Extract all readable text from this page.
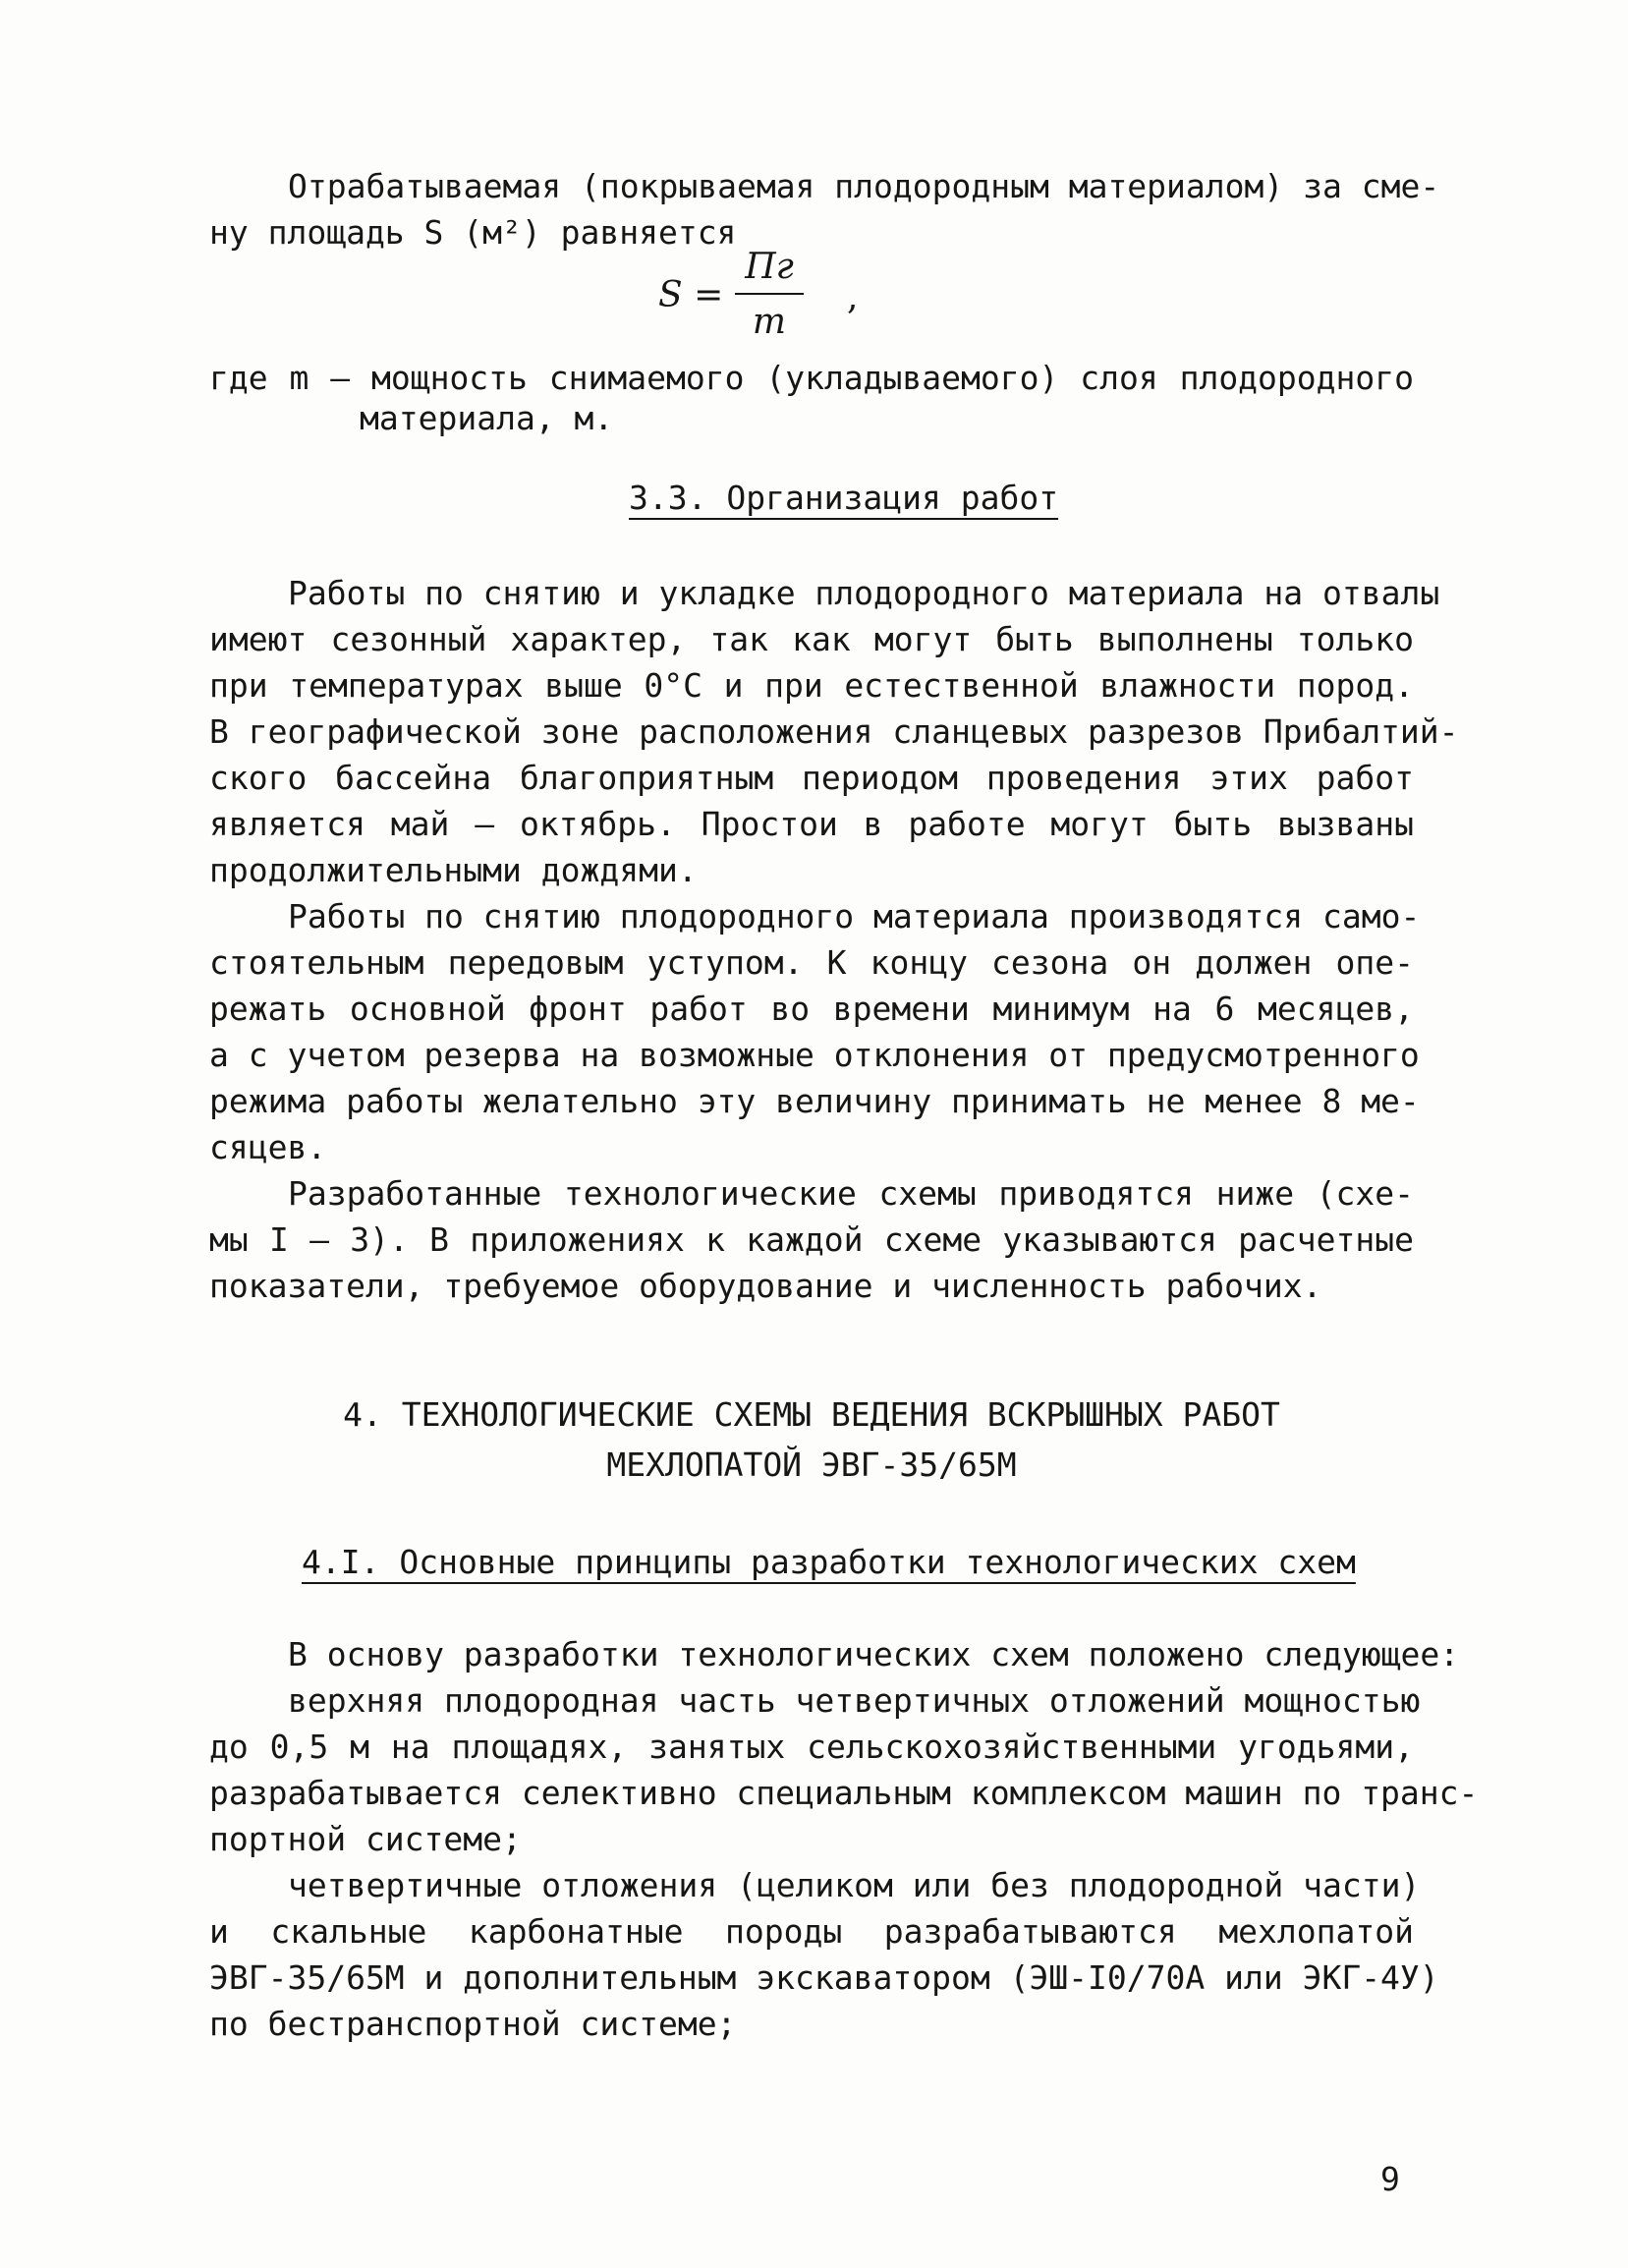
Отрабатываемая (покрываемая плодородным материалом) за сме-
ну площадь S (м²) равняется
S =
Пг
m
,
где m – мощность снимаемого (укладываемого) слоя плодородного
материала, м.
3.3. Организация работ
Работы по снятию и укладке плодородного материала на отвалы
имеют сезонный характер, так как могут быть выполнены только
при температурах выше 0°С и при естественной влажности пород.
В географической зоне расположения сланцевых разрезов Прибалтий-
ского бассейна благоприятным периодом проведения этих работ
является май – октябрь. Простои в работе могут быть вызваны
продолжительными дождями.
Работы по снятию плодородного материала производятся само-
стоятельным передовым уступом. К концу сезона он должен опе-
режать основной фронт работ во времени минимум на 6 месяцев,
а с учетом резерва на возможные отклонения от предусмотренного
режима работы желательно эту величину принимать не менее 8 ме-
сяцев.
Разработанные технологические схемы приводятся ниже (схе-
мы I – 3). В приложениях к каждой схеме указываются расчетные
показатели, требуемое оборудование и численность рабочих.
4. ТЕХНОЛОГИЧЕСКИЕ СХЕМЫ ВЕДЕНИЯ ВСКРЫШНЫХ РАБОТ
МЕХЛОПАТОЙ ЭВГ-35/65М
4.I. Основные принципы разработки технологических схем
В основу разработки технологических схем положено следующее:
верхняя плодородная часть четвертичных отложений мощностью
до 0,5 м на площадях, занятых сельскохозяйственными угодьями,
разрабатывается селективно специальным комплексом машин по транс-
портной системе;
четвертичные отложения (целиком или без плодородной части)
и скальные карбонатные породы разрабатываются мехлопатой
ЭВГ-35/65М и дополнительным экскаватором (ЭШ-I0/70А или ЭКГ-4У)
по бестранспортной системе;
9
